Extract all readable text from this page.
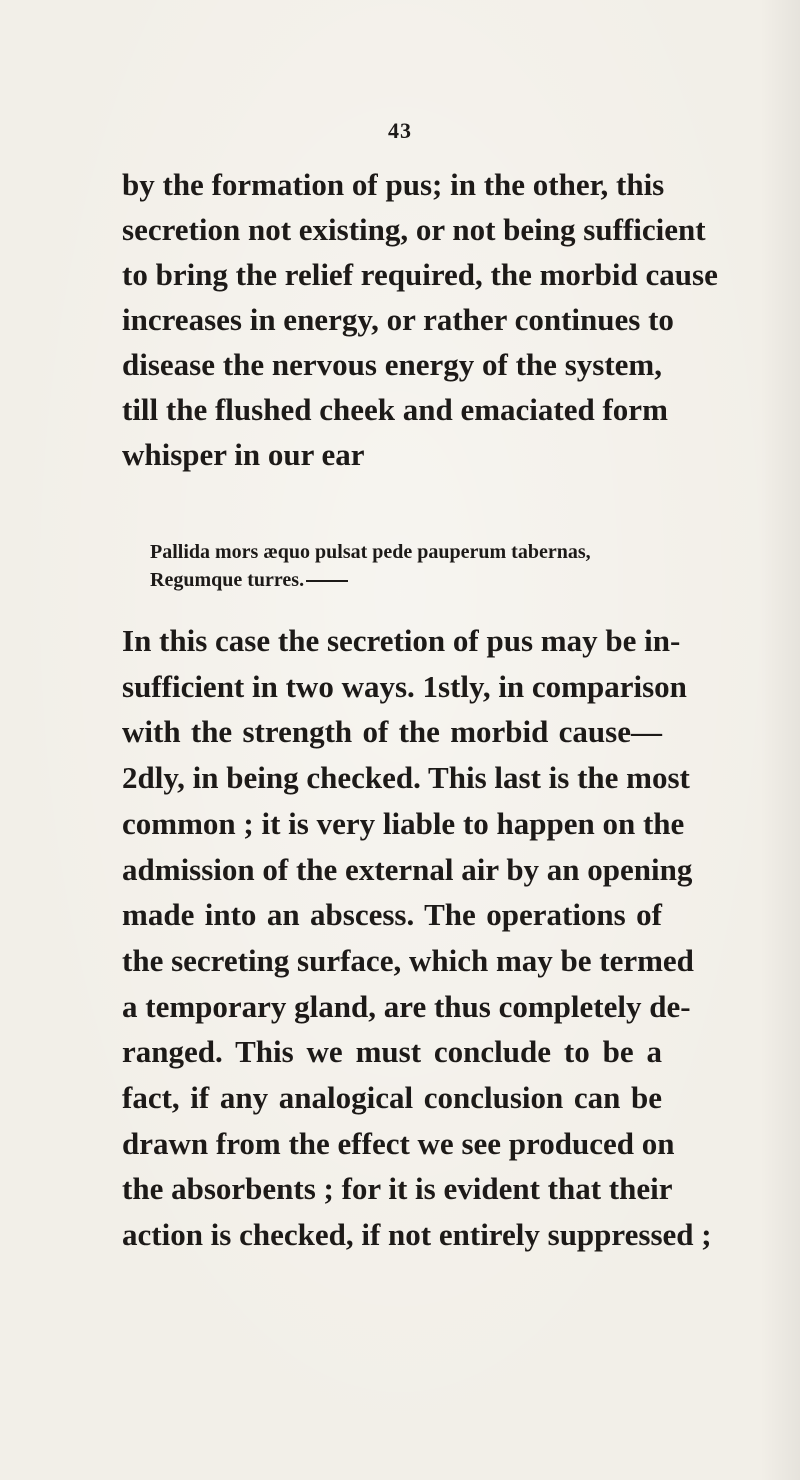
43
by the formation of pus; in the other, this
secretion not existing, or not being sufficient
to bring the relief required, the morbid cause
increases in energy, or rather continues to
disease the nervous energy of the system,
till the flushed cheek and emaciated form
whisper in our ear
Pallida mors æquo pulsat pede pauperum tabernas,
Regumque turres.
In this case the secretion of pus may be in-
sufficient in two ways. 1stly, in comparison
with the strength of the morbid cause—
2dly, in being checked. This last is the most
common ; it is very liable to happen on the
admission of the external air by an opening
made into an abscess. The operations of
the secreting surface, which may be termed
a temporary gland, are thus completely de-
ranged. This we must conclude to be a
fact, if any analogical conclusion can be
drawn from the effect we see produced on
the absorbents ; for it is evident that their
action is checked, if not entirely suppressed ;
